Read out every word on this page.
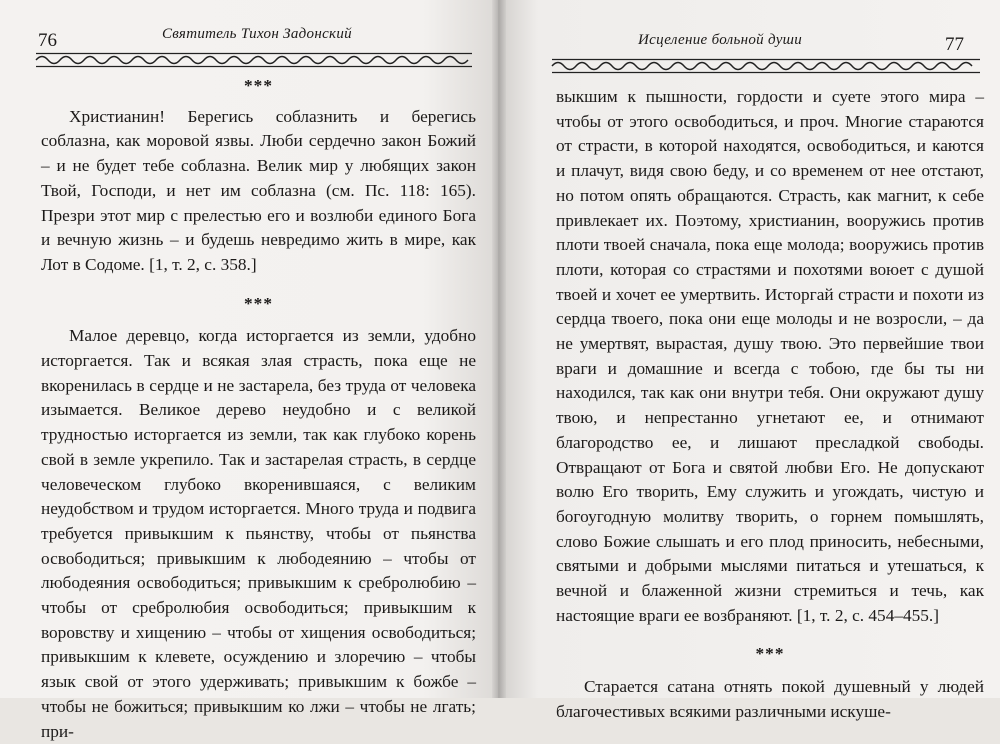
76	Святитель Тихон Задонский

***

Христианин! Берегись соблазнить и берегись соблазна, как моровой язвы. Люби сердечно закон Божий – и не будет тебе соблазна. Велик мир у любящих закон Твой, Господи, и нет им соблазна (см. Пс. 118: 165). Презри этот мир с прелестью его и возлюби единого Бога и вечную жизнь – и будешь невредимо жить в мире, как Лот в Содоме. [1, т. 2, с. 358.]

***

Малое деревцо, когда исторгается из земли, удобно исторгается. Так и всякая злая страсть, пока еще не вкоренилась в сердце и не застарела, без труда от человека изымается. Великое дерево неудобно и с великой трудностью исторгается из земли, так как глубоко корень свой в земле укрепило. Так и застарелая страсть, в сердце человеческом глубоко вкоренившаяся, с великим неудобством и трудом исторгается. Много труда и подвига требуется привыкшим к пьянству, чтобы от пьянства освободиться; привыкшим к любодеянию – чтобы от любодеяния освободиться; привыкшим к сребролюбию – чтобы от сребролюбия освободиться; привыкшим к воровству и хищению – чтобы от хищения освободиться; привыкшим к клевете, осуждению и злоречию – чтобы язык свой от этого удерживать; привыкшим к божбе – чтобы не божиться; привыкшим ко лжи – чтобы не лгать; при-

Исцеление больной души	77

выкшим к пышности, гордости и суете этого мира – чтобы от этого освободиться, и проч. Многие стараются от страсти, в которой находятся, освободиться, и каются и плачут, видя свою беду, и со временем от нее отстают, но потом опять обращаются. Страсть, как магнит, к себе привлекает их. Поэтому, христианин, вооружись против плоти твоей сначала, пока еще молода; вооружись против плоти, которая со страстями и похотями воюет с душой твоей и хочет ее умертвить. Исторгай страсти и похоти из сердца твоего, пока они еще молоды и не возросли, – да не умертвят, вырастая, душу твою. Это первейшие твои враги и домашние и всегда с тобою, где бы ты ни находился, так как они внутри тебя. Они окружают душу твою, и непрестанно угнетают ее, и отнимают благородство ее, и лишают пресладкой свободы. Отвращают от Бога и святой любви Его. Не допускают волю Его творить, Ему служить и угождать, чистую и богоугодную молитву творить, о горнем помышлять, слово Божие слышать и его плод приносить, небесными, святыми и добрыми мыслями питаться и утешаться, к вечной и блаженной жизни стремиться и течь, как настоящие враги ее возбраняют. [1, т. 2, с. 454–455.]

***

Старается сатана отнять покой душевный у людей благочестивых всякими различными искуше-
